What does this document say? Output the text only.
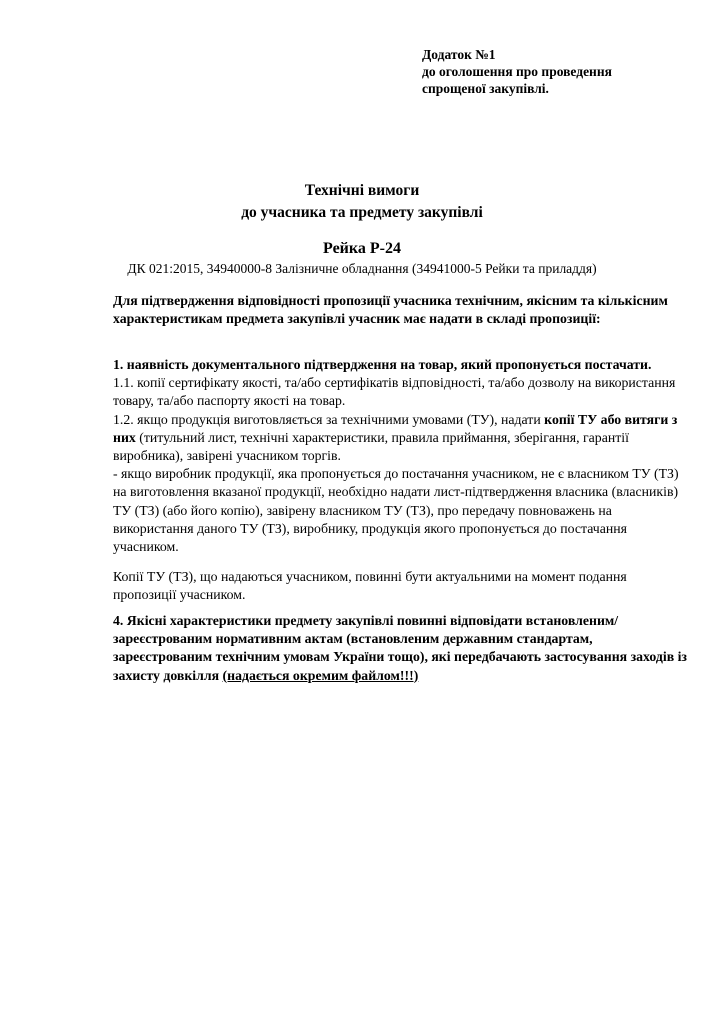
Додаток №1
до оголошення про проведення
спрощеної закупівлі.
Технічні вимоги
до учасника та предмету закупівлі
Рейка Р-24
ДК 021:2015, 34940000-8 Залізничне обладнання (34941000-5 Рейки та приладдя)

Для підтвердження відповідності пропозиції учасника технічним, якісним та кількісним характеристикам предмета закупівлі учасник має надати в складі пропозиції:

1. наявність документального підтвердження на товар, який пропонується постачати.

1.1. копії сертифікату якості, та/або сертифікатів відповідності, та/або дозволу на використання товару, та/або паспорту якості на товар.

1.2. якщо продукція виготовляється за технічними умовами (ТУ), надати копії ТУ або витяги з них (титульний лист, технічні характеристики, правила приймання, зберігання, гарантії виробника), завірені учасником торгів.

- якщо виробник продукції, яка пропонується до постачання учасником, не є власником ТУ (ТЗ) на виготовлення вказаної продукції, необхідно надати лист-підтвердження власника (власників) ТУ (ТЗ) (або його копію), завірену власником ТУ (ТЗ), про передачу повноважень на використання даного ТУ (ТЗ), виробнику, продукція якого пропонується до постачання учасником.

Копії ТУ (ТЗ), що надаються учасником, повинні бути актуальними на момент подання пропозиції учасником.

4. Якісні характеристики предмету закупівлі повинні відповідати встановленим/зареєстрованим нормативним актам (встановленим державним стандартам, зареєстрованим технічним умовам України тощо), які передбачають застосування заходів із захисту довкілля (надається окремим файлом!!!)
